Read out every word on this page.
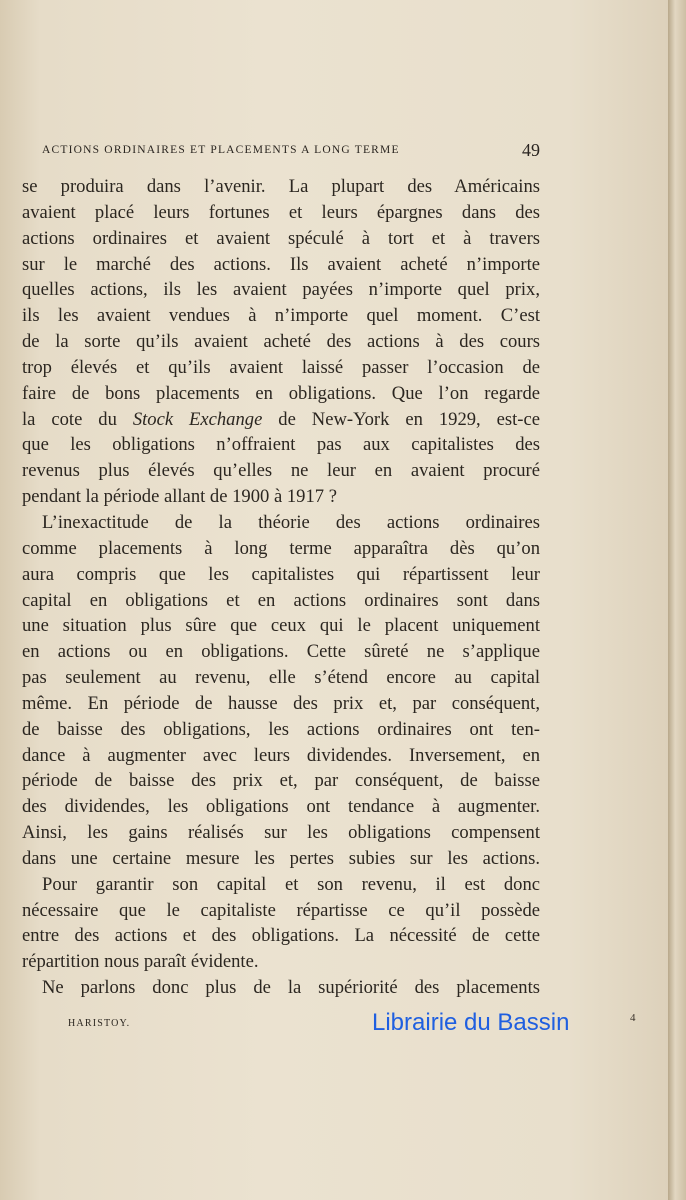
ACTIONS ORDINAIRES ET PLACEMENTS A LONG TERME	49
se produira dans l’avenir. La plupart des Américains
avaient placé leurs fortunes et leurs épargnes dans des
actions ordinaires et avaient spéculé à tort et à travers
sur le marché des actions. Ils avaient acheté n’importe
quelles actions, ils les avaient payées n’importe quel prix,
ils les avaient vendues à n’importe quel moment. C’est
de la sorte qu’ils avaient acheté des actions à des cours
trop élevés et qu’ils avaient laissé passer l’occasion de
faire de bons placements en obligations. Que l’on regarde
la cote du Stock Exchange de New-York en 1929, est-ce
que les obligations n’offraient pas aux capitalistes des
revenus plus élevés qu’elles ne leur en avaient procuré
pendant la période allant de 1900 à 1917 ?
L’inexactitude de la théorie des actions ordinaires
comme placements à long terme apparaîtra dès qu’on
aura compris que les capitalistes qui répartissent leur
capital en obligations et en actions ordinaires sont dans
une situation plus sûre que ceux qui le placent uniquement
en actions ou en obligations. Cette sûreté ne s’applique
pas seulement au revenu, elle s’étend encore au capital
même. En période de hausse des prix et, par conséquent,
de baisse des obligations, les actions ordinaires ont ten-
dance à augmenter avec leurs dividendes. Inversement, en
période de baisse des prix et, par conséquent, de baisse
des dividendes, les obligations ont tendance à augmenter.
Ainsi, les gains réalisés sur les obligations compensent
dans une certaine mesure les pertes subies sur les actions.
Pour garantir son capital et son revenu, il est donc
nécessaire que le capitaliste répartisse ce qu’il possède
entre des actions et des obligations. La nécessité de cette
répartition nous paraît évidente.
Ne parlons donc plus de la supériorité des placements
HARISTOY.	Librairie du Bassin	4
